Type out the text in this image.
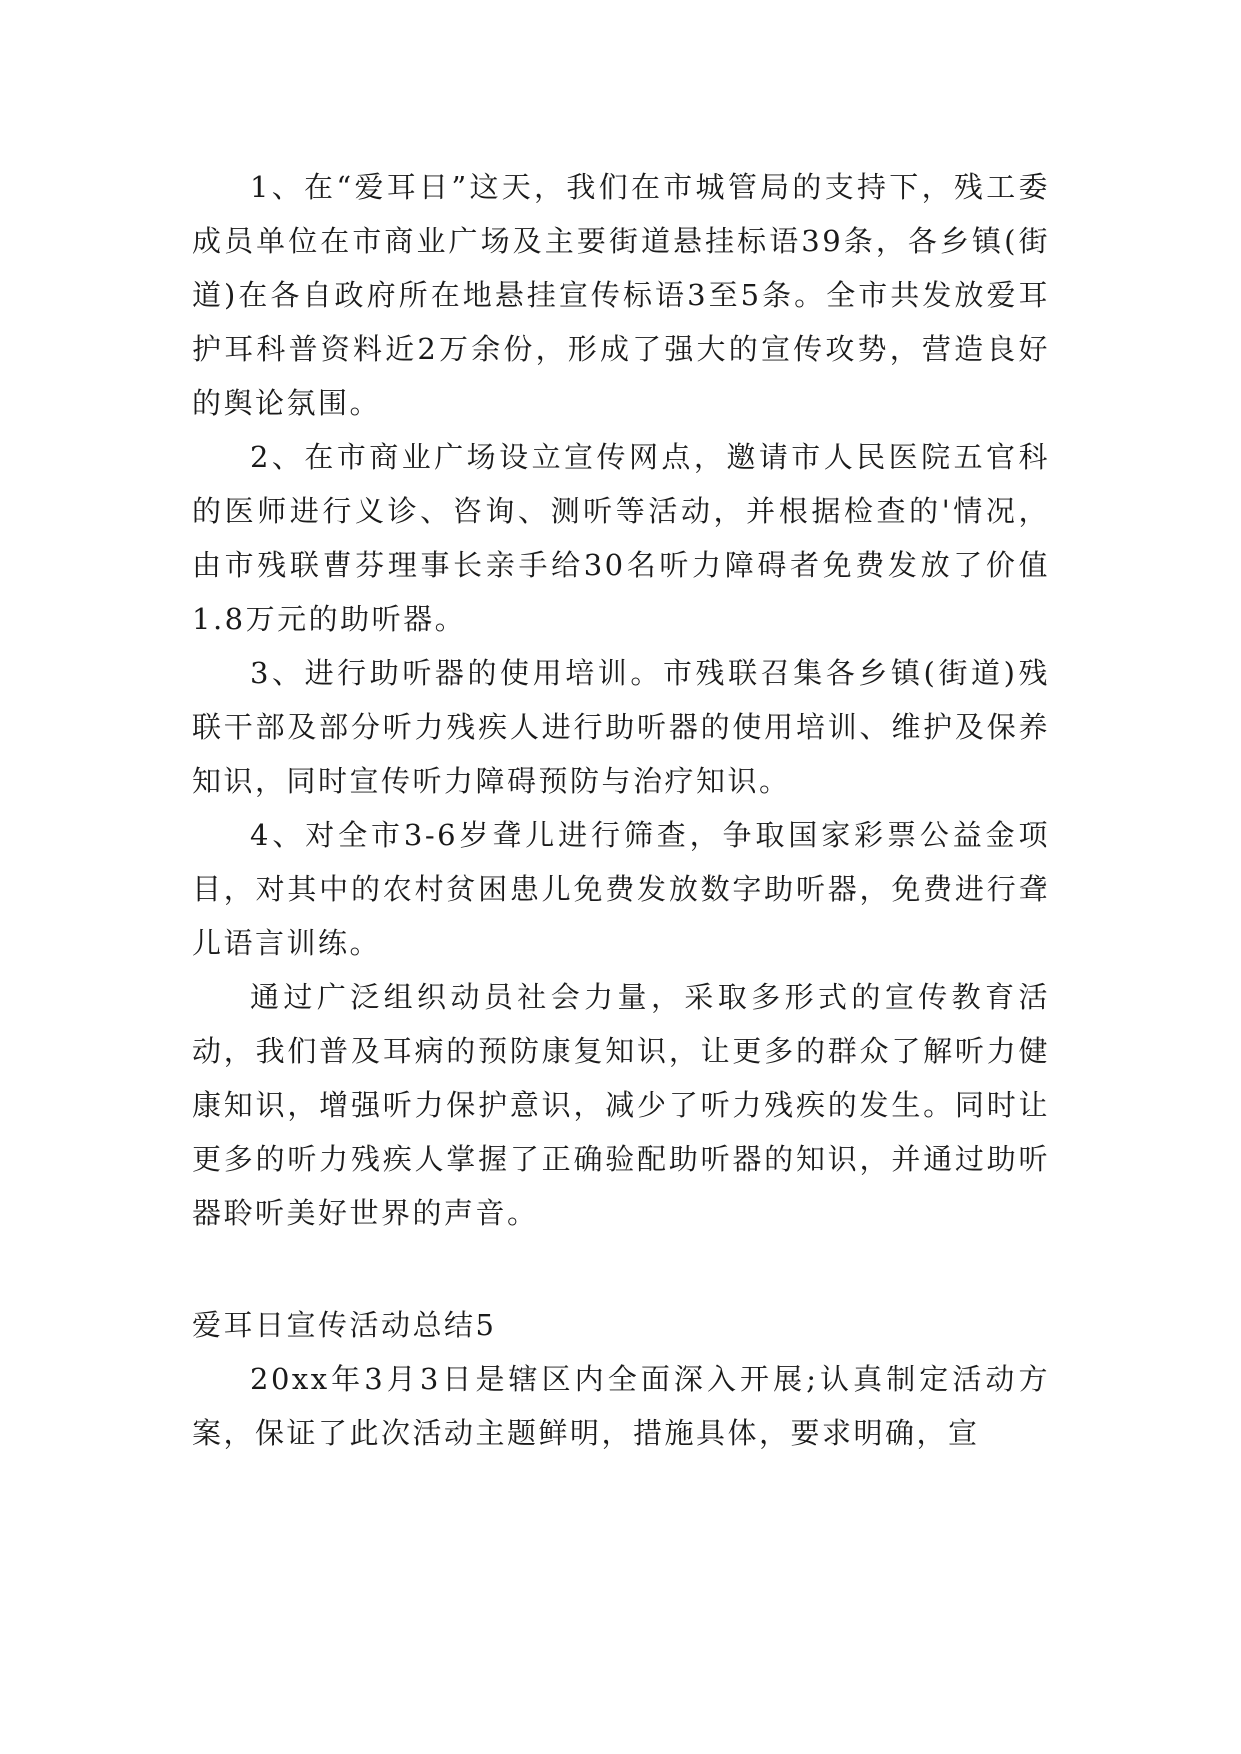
1、在“爱耳日”这天，我们在市城管局的支持下，残工委成员单位在市商业广场及主要街道悬挂标语39条，各乡镇(街道)在各自政府所在地悬挂宣传标语3至5条。全市共发放爱耳护耳科普资料近2万余份，形成了强大的宣传攻势，营造良好的舆论氛围。

2、在市商业广场设立宣传网点，邀请市人民医院五官科的医师进行义诊、咨询、测听等活动，并根据检查的'情况，由市残联曹芬理事长亲手给30名听力障碍者免费发放了价值1.8万元的助听器。

3、进行助听器的使用培训。市残联召集各乡镇(街道)残联干部及部分听力残疾人进行助听器的使用培训、维护及保养知识，同时宣传听力障碍预防与治疗知识。

4、对全市3-6岁聋儿进行筛查，争取国家彩票公益金项目，对其中的农村贫困患儿免费发放数字助听器，免费进行聋儿语言训练。

通过广泛组织动员社会力量，采取多形式的宣传教育活动，我们普及耳病的预防康复知识，让更多的群众了解听力健康知识，增强听力保护意识，减少了听力残疾的发生。同时让更多的听力残疾人掌握了正确验配助听器的知识，并通过助听器聆听美好世界的声音。

爱耳日宣传活动总结5

20xx年3月3日是辖区内全面深入开展;认真制定活动方案，保证了此次活动主题鲜明，措施具体，要求明确，宣
